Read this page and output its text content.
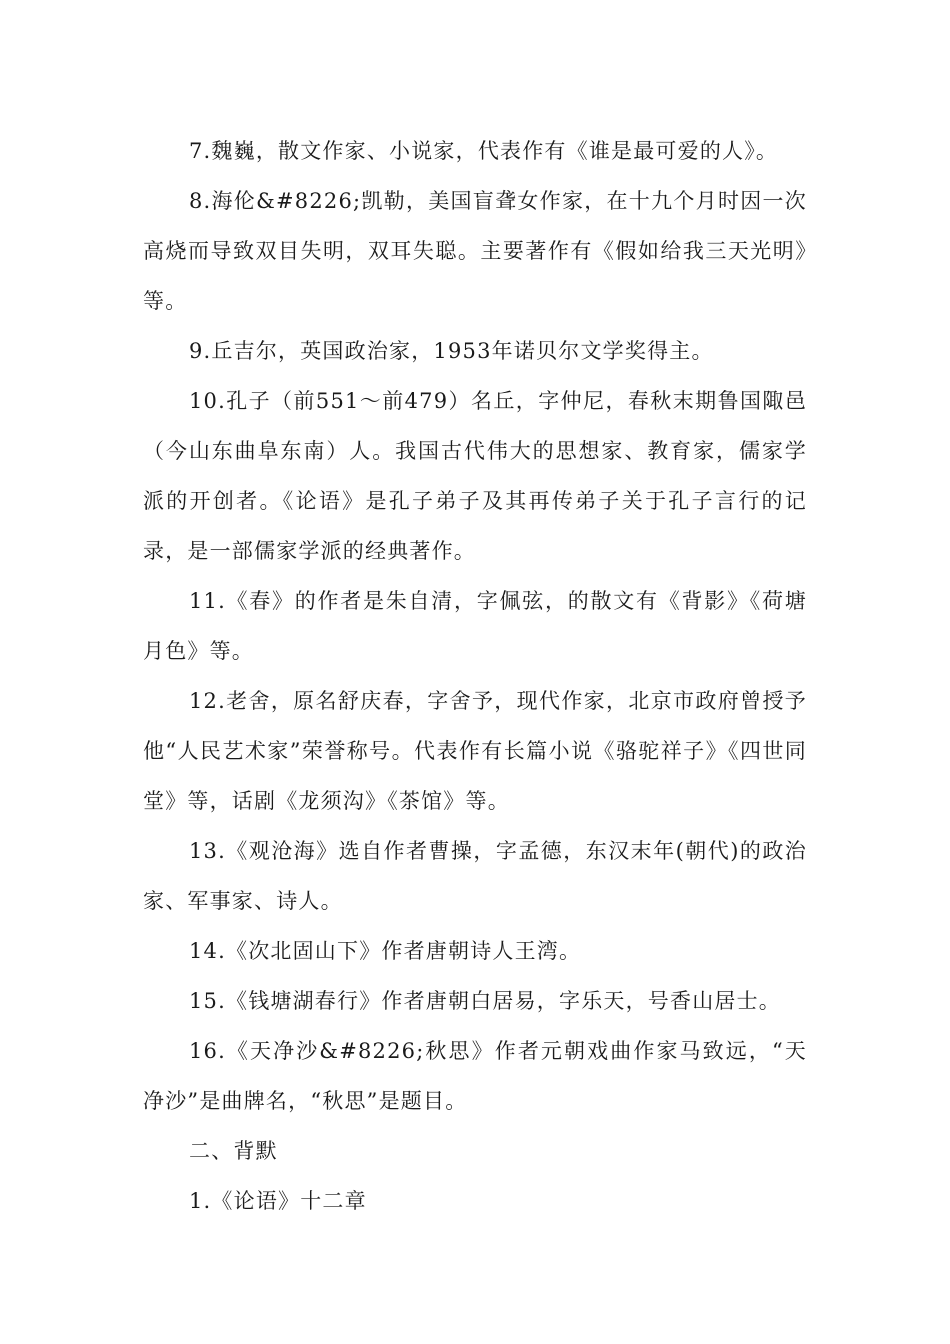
7.魏巍，散文作家、小说家，代表作有《谁是最可爱的人》。

8.海伦&#8226;凯勒，美国盲聋女作家，在十九个月时因一次高烧而导致双目失明，双耳失聪。主要著作有《假如给我三天光明》等。

9.丘吉尔，英国政治家，1953年诺贝尔文学奖得主。

10.孔子（前551～前479）名丘，字仲尼，春秋末期鲁国陬邑（今山东曲阜东南）人。我国古代伟大的思想家、教育家，儒家学派的开创者。《论语》是孔子弟子及其再传弟子关于孔子言行的记录，是一部儒家学派的经典著作。

11.《春》的作者是朱自清，字佩弦，的散文有《背影》《荷塘月色》等。

12.老舍，原名舒庆春，字舍予，现代作家，北京市政府曾授予他“人民艺术家”荣誉称号。代表作有长篇小说《骆驼祥子》《四世同堂》等，话剧《龙须沟》《茶馆》等。

13.《观沧海》选自作者曹操，字孟德，东汉末年(朝代)的政治家、军事家、诗人。

14.《次北固山下》作者唐朝诗人王湾。

15.《钱塘湖春行》作者唐朝白居易，字乐天，号香山居士。

16.《天净沙&#8226;秋思》作者元朝戏曲作家马致远，“天净沙”是曲牌名，“秋思”是题目。

二、背默

1.《论语》十二章
